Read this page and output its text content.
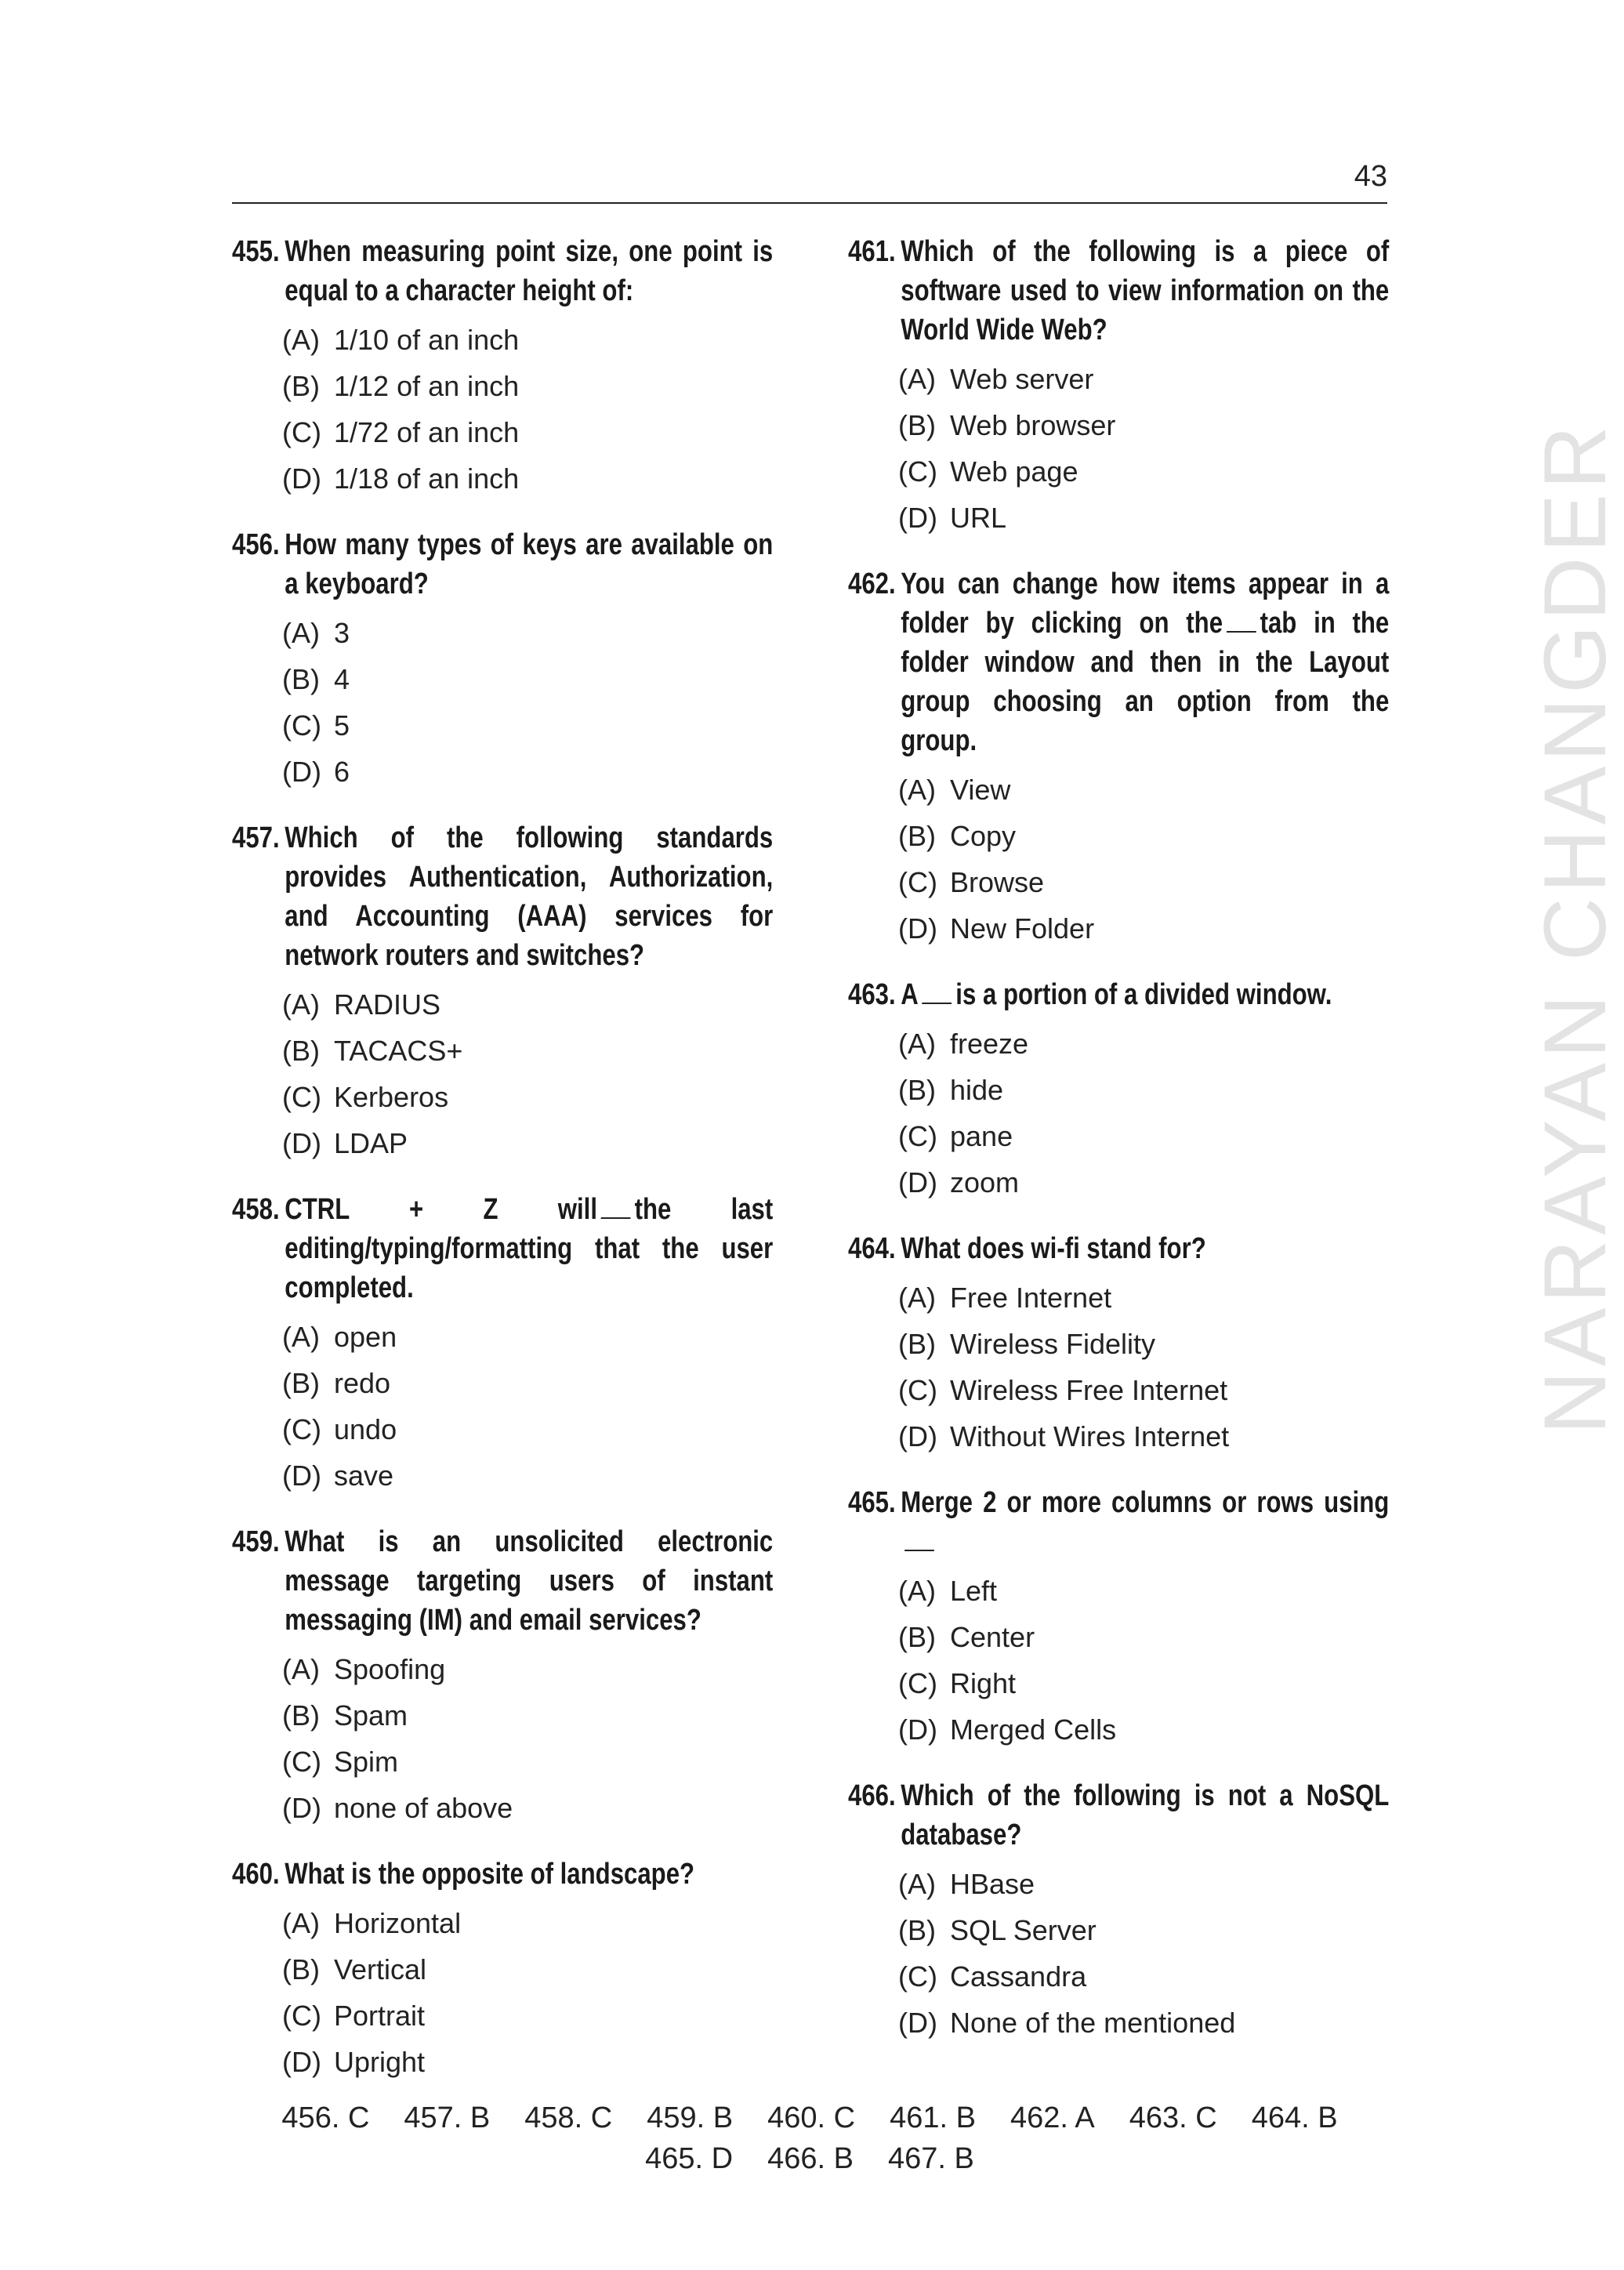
43
455. When measuring point size, one point is equal to a character height of:
(A) 1/10 of an inch
(B) 1/12 of an inch
(C) 1/72 of an inch
(D) 1/18 of an inch
456. How many types of keys are available on a keyboard?
(A) 3
(B) 4
(C) 5
(D) 6
457. Which of the following standards provides Authentication, Authorization, and Accounting (AAA) services for network routers and switches?
(A) RADIUS
(B) TACACS+
(C) Kerberos
(D) LDAP
458. CTRL + Z will the last editing/typing/formatting that the user completed.
(A) open
(B) redo
(C) undo
(D) save
459. What is an unsolicited electronic message targeting users of instant messaging (IM) and email services?
(A) Spoofing
(B) Spam
(C) Spim
(D) none of above
460. What is the opposite of landscape?
(A) Horizontal
(B) Vertical
(C) Portrait
(D) Upright
461. Which of the following is a piece of software used to view information on the World Wide Web?
(A) Web server
(B) Web browser
(C) Web page
(D) URL
462. You can change how items appear in a folder by clicking on the tab in the folder window and then in the Layout group choosing an option from the group.
(A) View
(B) Copy
(C) Browse
(D) New Folder
463. A is a portion of a divided window.
(A) freeze
(B) hide
(C) pane
(D) zoom
464. What does wi-fi stand for?
(A) Free Internet
(B) Wireless Fidelity
(C) Wireless Free Internet
(D) Without Wires Internet
465. Merge 2 or more columns or rows using
(A) Left
(B) Center
(C) Right
(D) Merged Cells
466. Which of the following is not a NoSQL database?
(A) HBase
(B) SQL Server
(C) Cassandra
(D) None of the mentioned
NARAYAN CHANGDER
456. C 457. B 458. C 459. B 460. C 461. B 462. A 463. C 464. B465. D 466. B 467. B
